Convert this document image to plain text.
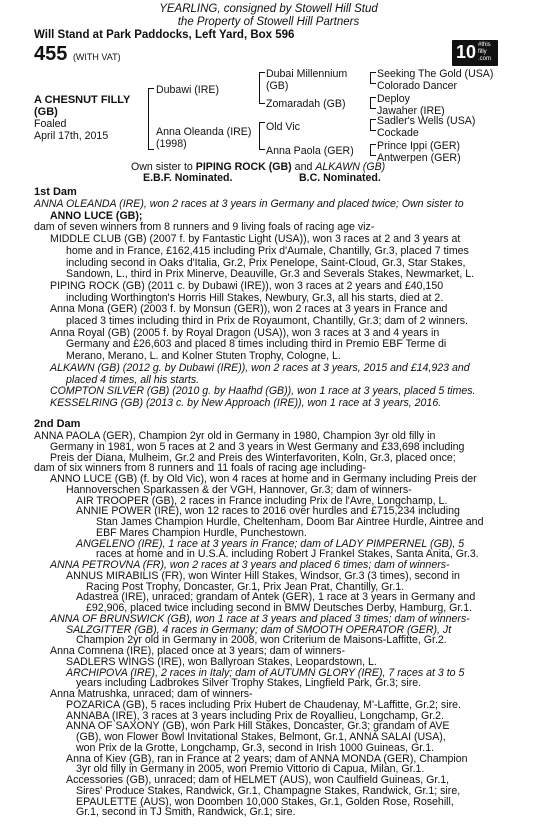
YEARLING, consigned by Stowell Hill Stud
the Property of Stowell Hill Partners
Will Stand at Park Paddocks, Left Yard, Box 596
10 #this filly .com
455 (WITH VAT)
A CHESNUT FILLY
(GB)
Foaled
April 17th, 2015
Dubawi (IRE)
Anna Oleanda (IRE)
(1998)
Dubai Millennium
(GB)
Zomaradah (GB)
Old Vic
Anna Paola (GER)
Seeking The Gold (USA)
Colorado Dancer
Deploy
Jawaher (IRE)
Sadler's Wells (USA)
Cockade
Prince Ippi (GER)
Antwerpen (GER)
Own sister to PIPING ROCK (GB) and ALKAWN (GB)
E.B.F. Nominated.	B.C. Nominated.
1st Dam
ANNA OLEANDA (IRE), won 2 races at 3 years in Germany and placed twice; Own sister to
ANNO LUCE (GB);
dam of seven winners from 8 runners and 9 living foals of racing age viz-
MIDDLE CLUB (GB) (2007 f. by Fantastic Light (USA)), won 3 races at 2 and 3 years at
home and in France, £162,415 including Prix d'Aumale, Chantilly, Gr.3, placed 7 times
including second in Oaks d'Italia, Gr.2, Prix Penelope, Saint-Cloud, Gr.3, Star Stakes,
Sandown, L., third in Prix Minerve, Deauville, Gr.3 and Severals Stakes, Newmarket, L.
PIPING ROCK (GB) (2011 c. by Dubawi (IRE)), won 3 races at 2 years and £40,150
including Worthington's Horris Hill Stakes, Newbury, Gr.3, all his starts, died at 2.
Anna Mona (GER) (2003 f. by Monsun (GER)), won 2 races at 3 years in France and
placed 3 times including third in Prix de Royaumont, Chantilly, Gr.3; dam of 2 winners.
Anna Royal (GB) (2005 f. by Royal Dragon (USA)), won 3 races at 3 and 4 years in
Germany and £26,603 and placed 8 times including third in Premio EBF Terme di
Merano, Merano, L. and Kolner Stuten Trophy, Cologne, L.
ALKAWN (GB) (2012 g. by Dubawi (IRE)), won 2 races at 3 years, 2015 and £14,923 and
placed 4 times, all his starts.
COMPTON SILVER (GB) (2010 g. by Haafhd (GB)), won 1 race at 3 years, placed 5 times.
KESSELRING (GB) (2013 c. by New Approach (IRE)), won 1 race at 3 years, 2016.
2nd Dam
ANNA PAOLA (GER), Champion 2yr old in Germany in 1980, Champion 3yr old filly in
Germany in 1981, won 5 races at 2 and 3 years in West Germany and £33,698 including
Preis der Diana, Mulheim, Gr.2 and Preis des Winterfavoriten, Koln, Gr.3, placed once;
dam of six winners from 8 runners and 11 foals of racing age including-
ANNO LUCE (GB) (f. by Old Vic), won 4 races at home and in Germany including Preis der
Hannoverschen Sparkassen & der VGH, Hannover, Gr.3; dam of winners-
AIR TROOPER (GB), 2 races in France including Prix de l'Avre, Longchamp, L.
ANNIE POWER (IRE), won 12 races to 2016 over hurdles and £715,234 including
Stan James Champion Hurdle, Cheltenham, Doom Bar Aintree Hurdle, Aintree and
EBF Mares Champion Hurdle, Punchestown.
ANGELENO (IRE), 1 race at 3 years in France; dam of LADY PIMPERNEL (GB), 5
races at home and in U.S.A. including Robert J Frankel Stakes, Santa Anita, Gr.3.
ANNA PETROVNA (FR), won 2 races at 3 years and placed 6 times; dam of winners-
ANNUS MIRABILIS (FR), won Winter Hill Stakes, Windsor, Gr.3 (3 times), second in
Racing Post Trophy, Doncaster, Gr.1, Prix Jean Prat, Chantilly, Gr.1.
Adastrea (IRE), unraced; grandam of Antek (GER), 1 race at 3 years in Germany and
£92,906, placed twice including second in BMW Deutsches Derby, Hamburg, Gr.1.
ANNA OF BRUNSWICK (GB), won 1 race at 3 years and placed 3 times; dam of winners-
SALZGITTER (GB), 4 races in Germany; dam of SMOOTH OPERATOR (GER), Jt
Champion 2yr old in Germany in 2008, won Criterium de Maisons-Laffitte, Gr.2.
Anna Comnena (IRE), placed once at 3 years; dam of winners-
SADLERS WINGS (IRE), won Ballyroan Stakes, Leopardstown, L.
ARCHIPOVA (IRE), 2 races in Italy; dam of AUTUMN GLORY (IRE), 7 races at 3 to 5
years including Ladbrokes Silver Trophy Stakes, Lingfield Park, Gr.3; sire.
Anna Matrushka, unraced; dam of winners-
POZARICA (GB), 5 races including Prix Hubert de Chaudenay, M'-Laffitte, Gr.2; sire.
ANNABA (IRE), 3 races at 3 years including Prix de Royallieu, Longchamp, Gr.2.
ANNA OF SAXONY (GB), won Park Hill Stakes, Doncaster, Gr.3; grandam of AVE
(GB), won Flower Bowl Invitational Stakes, Belmont, Gr.1, ANNA SALAI (USA),
won Prix de la Grotte, Longchamp, Gr.3, second in Irish 1000 Guineas, Gr.1.
Anna of Kiev (GB), ran in France at 2 years; dam of ANNA MONDA (GER), Champion
3yr old filly in Germany in 2005, won Premio Vittorio di Capua, Milan, Gr.1.
Accessories (GB), unraced; dam of HELMET (AUS), won Caulfield Guineas, Gr.1,
Sires' Produce Stakes, Randwick, Gr.1, Champagne Stakes, Randwick, Gr.1; sire,
EPAULETTE (AUS), won Doomben 10,000 Stakes, Gr.1, Golden Rose, Rosehill,
Gr.1, second in TJ Smith, Randwick, Gr.1; sire.
